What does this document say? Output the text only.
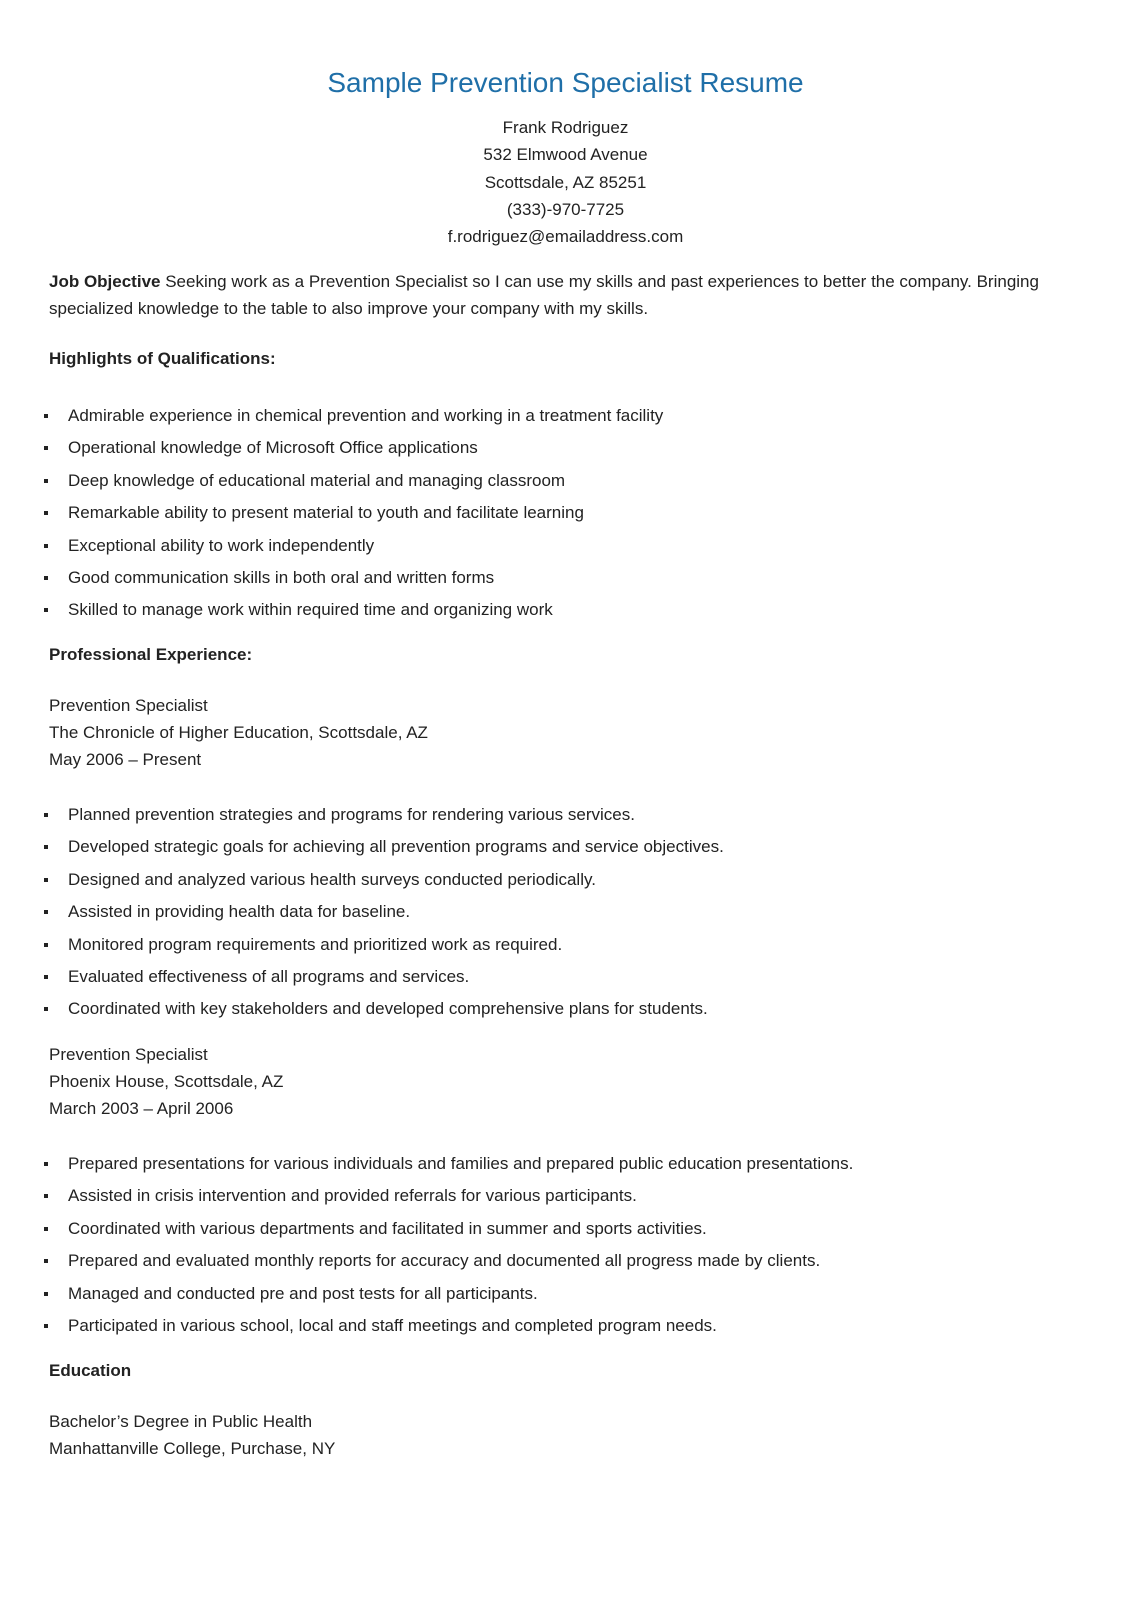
Sample Prevention Specialist Resume
Frank Rodriguez
532 Elmwood Avenue
Scottsdale, AZ 85251
(333)-970-7725
f.rodriguez@emailaddress.com
Job Objective Seeking work as a Prevention Specialist so I can use my skills and past experiences to better the company. Bringing specialized knowledge to the table to also improve your company with my skills.
Highlights of Qualifications:
Admirable experience in chemical prevention and working in a treatment facility
Operational knowledge of Microsoft Office applications
Deep knowledge of educational material and managing classroom
Remarkable ability to present material to youth and facilitate learning
Exceptional ability to work independently
Good communication skills in both oral and written forms
Skilled to manage work within required time and organizing work
Professional Experience:
Prevention Specialist
The Chronicle of Higher Education, Scottsdale, AZ
May 2006 – Present
Planned prevention strategies and programs for rendering various services.
Developed strategic goals for achieving all prevention programs and service objectives.
Designed and analyzed various health surveys conducted periodically.
Assisted in providing health data for baseline.
Monitored program requirements and prioritized work as required.
Evaluated effectiveness of all programs and services.
Coordinated with key stakeholders and developed comprehensive plans for students.
Prevention Specialist
Phoenix House, Scottsdale, AZ
March 2003 – April 2006
Prepared presentations for various individuals and families and prepared public education presentations.
Assisted in crisis intervention and provided referrals for various participants.
Coordinated with various departments and facilitated in summer and sports activities.
Prepared and evaluated monthly reports for accuracy and documented all progress made by clients.
Managed and conducted pre and post tests for all participants.
Participated in various school, local and staff meetings and completed program needs.
Education
Bachelor’s Degree in Public Health
Manhattanville College, Purchase, NY
